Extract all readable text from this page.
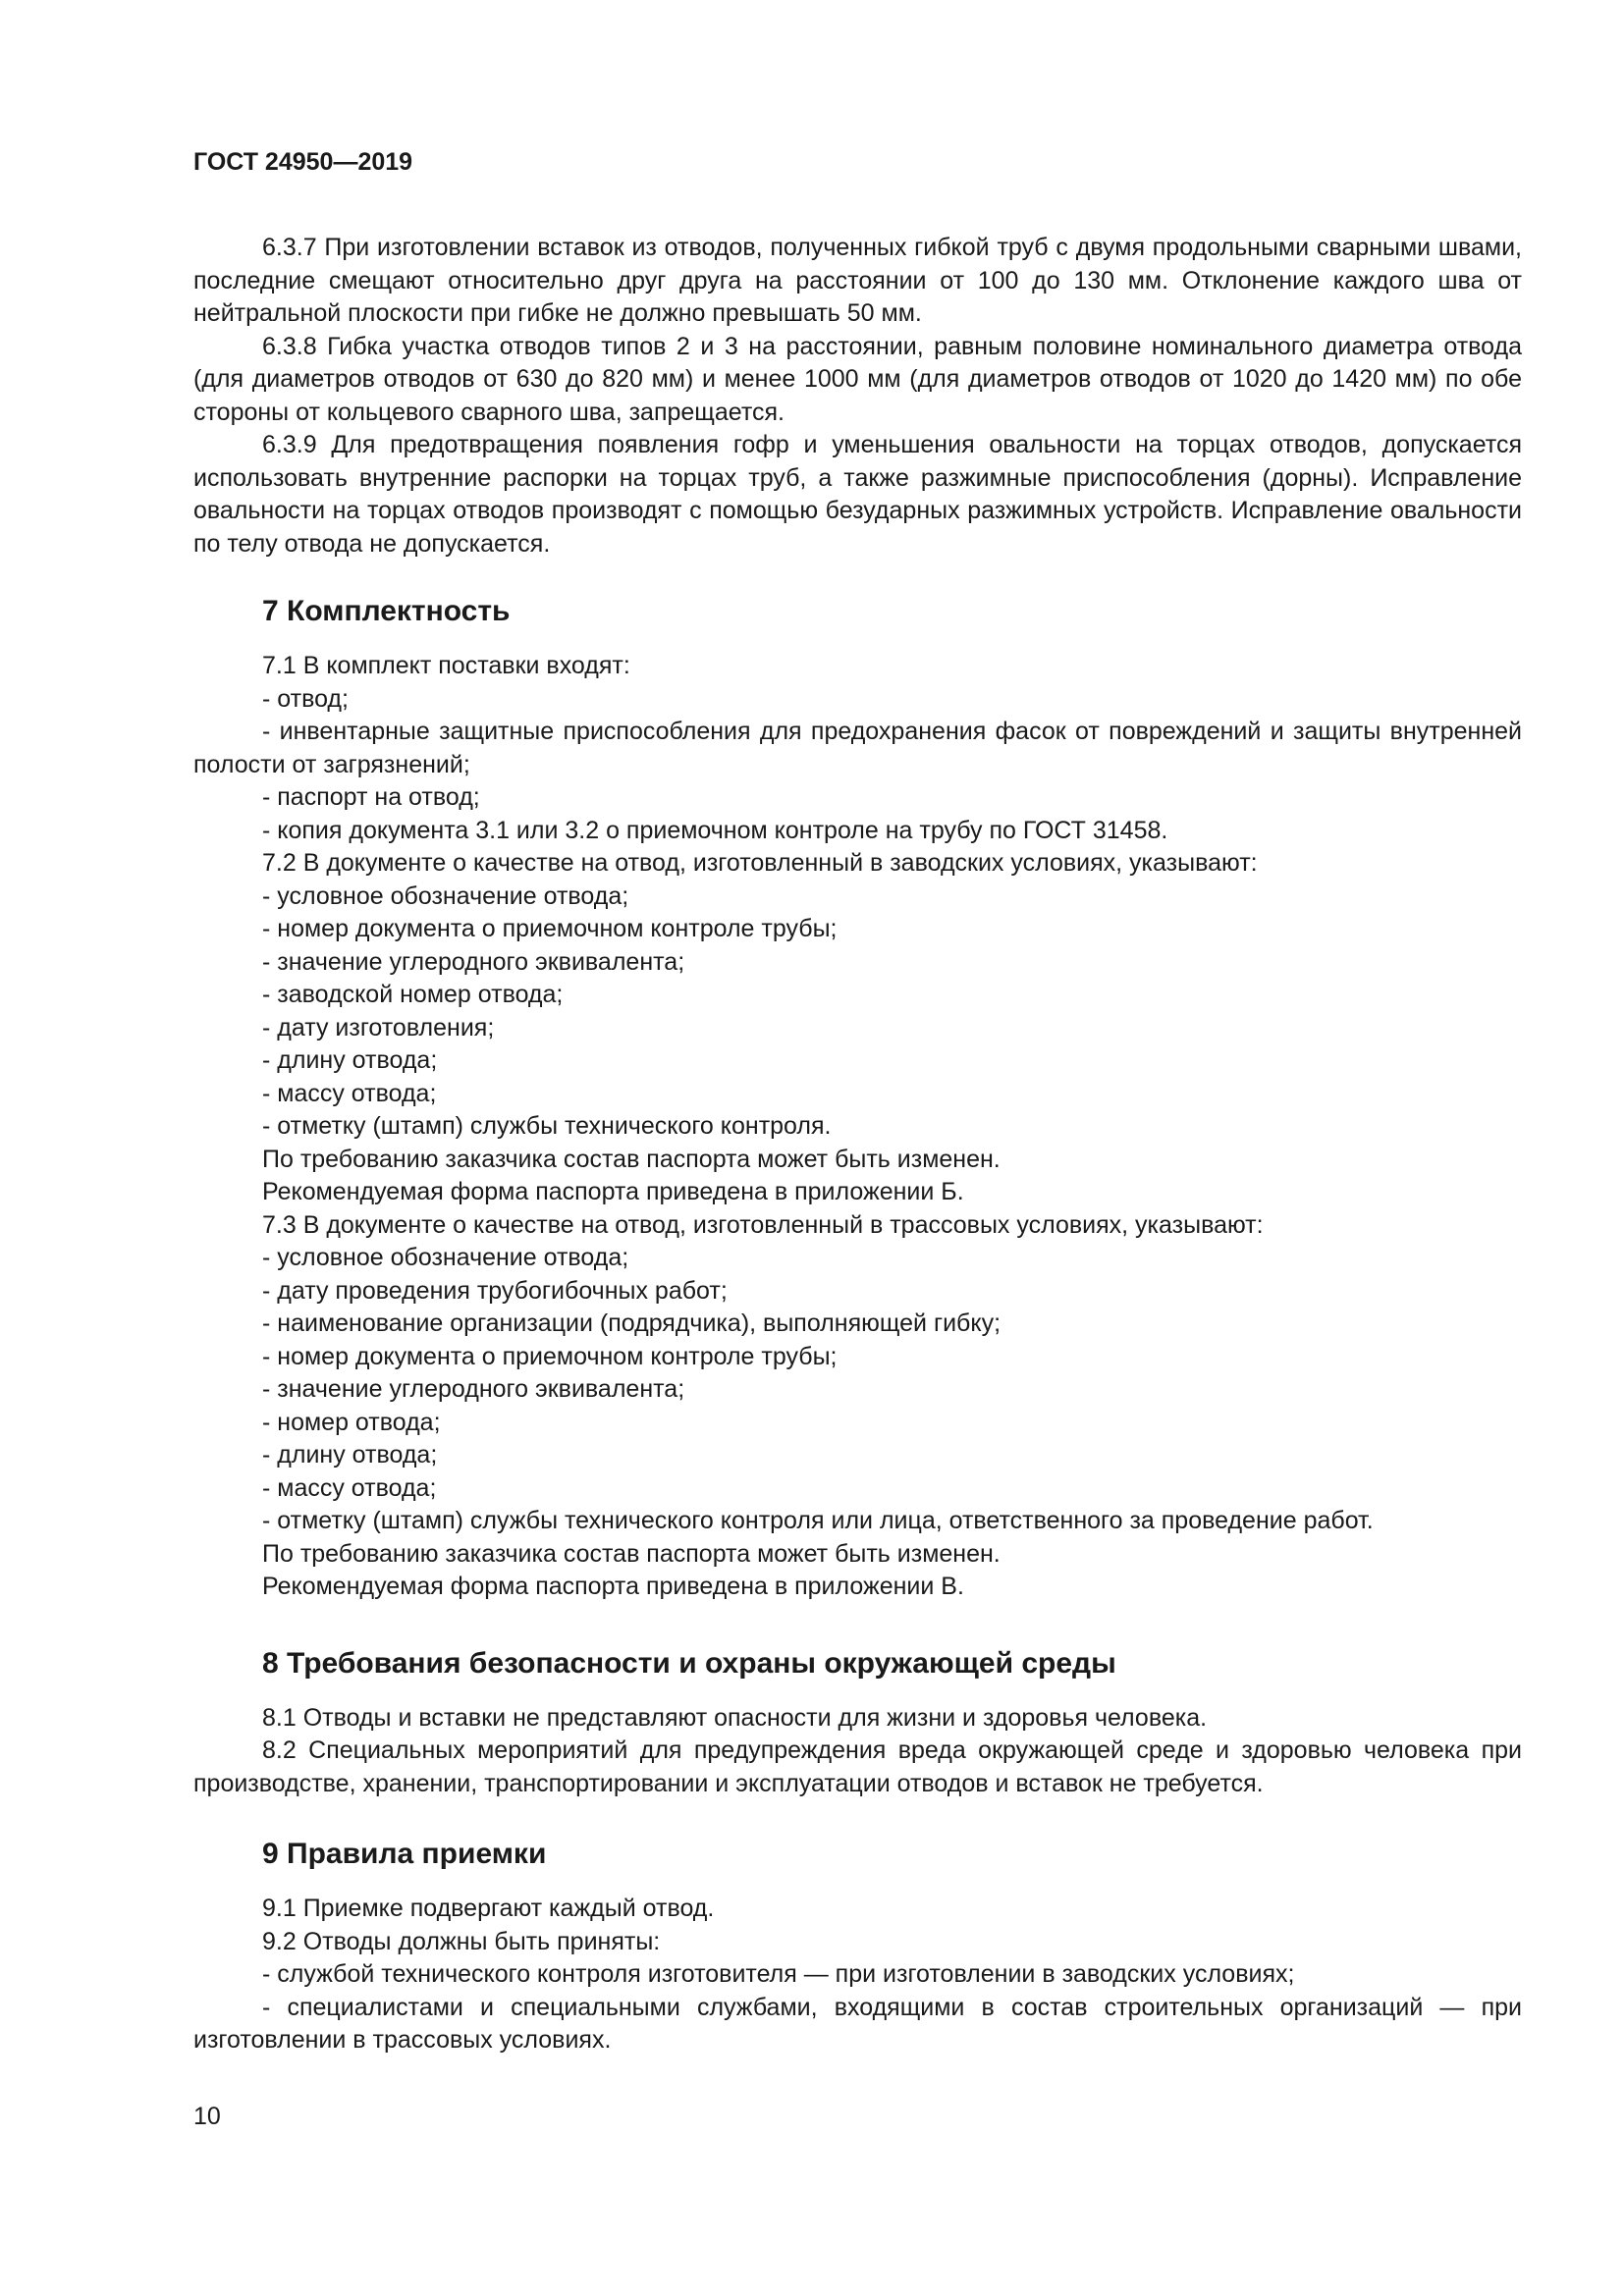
ГОСТ 24950—2019

6.3.7 При изготовлении вставок из отводов, полученных гибкой труб с двумя продольными сварными швами, последние смещают относительно друг друга на расстоянии от 100 до 130 мм. Отклонение каждого шва от нейтральной плоскости при гибке не должно превышать 50 мм.

6.3.8 Гибка участка отводов типов 2 и 3 на расстоянии, равным половине номинального диаметра отвода (для диаметров отводов от 630 до 820 мм) и менее 1000 мм (для диаметров отводов от 1020 до 1420 мм) по обе стороны от кольцевого сварного шва, запрещается.

6.3.9 Для предотвращения появления гофр и уменьшения овальности на торцах отводов, допускается использовать внутренние распорки на торцах труб, а также разжимные приспособления (дорны). Исправление овальности на торцах отводов производят с помощью безударных разжимных устройств. Исправление овальности по телу отвода не допускается.

7 Комплектность

7.1 В комплект поставки входят:

- отвод;

- инвентарные защитные приспособления для предохранения фасок от повреждений и защиты внутренней полости от загрязнений;

- паспорт на отвод;

- копия документа 3.1 или 3.2 о приемочном контроле на трубу по ГОСТ 31458.

7.2 В документе о качестве на отвод, изготовленный в заводских условиях, указывают:

- условное обозначение отвода;

- номер документа о приемочном контроле трубы;

- значение углеродного эквивалента;

- заводской номер отвода;

- дату изготовления;

- длину отвода;

- массу отвода;

- отметку (штамп) службы технического контроля.

По требованию заказчика состав паспорта может быть изменен.

Рекомендуемая форма паспорта приведена в приложении Б.

7.3 В документе о качестве на отвод, изготовленный в трассовых условиях, указывают:

- условное обозначение отвода;

- дату проведения трубогибочных работ;

- наименование организации (подрядчика), выполняющей гибку;

- номер документа о приемочном контроле трубы;

- значение углеродного эквивалента;

- номер отвода;

- длину отвода;

- массу отвода;

- отметку (штамп) службы технического контроля или лица, ответственного за проведение работ.

По требованию заказчика состав паспорта может быть изменен.

Рекомендуемая форма паспорта приведена в приложении В.

8 Требования безопасности и охраны окружающей среды

8.1 Отводы и вставки не представляют опасности для жизни и здоровья человека.

8.2 Специальных мероприятий для предупреждения вреда окружающей среде и здоровью человека при производстве, хранении, транспортировании и эксплуатации отводов и вставок не требуется.

9 Правила приемки

9.1 Приемке подвергают каждый отвод.

9.2 Отводы должны быть приняты:

- службой технического контроля изготовителя — при изготовлении в заводских условиях;

- специалистами и специальными службами, входящими в состав строительных организаций — при изготовлении в трассовых условиях.

10
